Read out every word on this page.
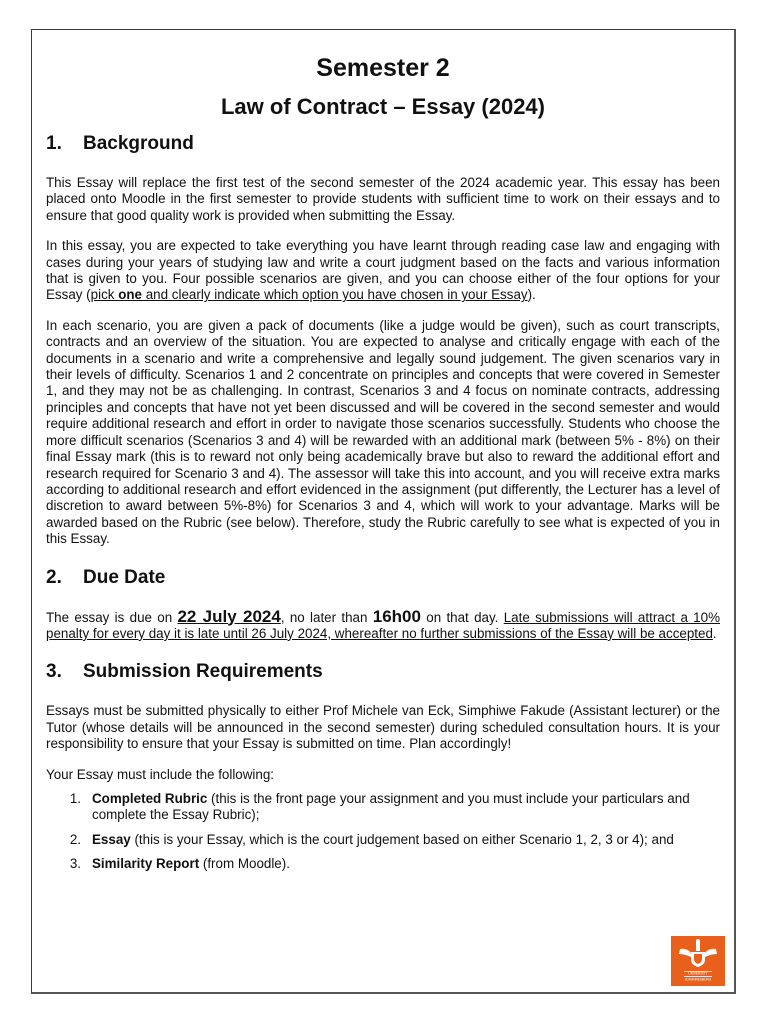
Semester 2
Law of Contract – Essay (2024)
1.	Background

This Essay will replace the first test of the second semester of the 2024 academic year. This essay has been placed onto Moodle in the first semester to provide students with sufficient time to work on their essays and to ensure that good quality work is provided when submitting the Essay.

In this essay, you are expected to take everything you have learnt through reading case law and engaging with cases during your years of studying law and write a court judgment based on the facts and various information that is given to you. Four possible scenarios are given, and you can choose either of the four options for your Essay (pick one and clearly indicate which option you have chosen in your Essay).

In each scenario, you are given a pack of documents (like a judge would be given), such as court transcripts, contracts and an overview of the situation. You are expected to analyse and critically engage with each of the documents in a scenario and write a comprehensive and legally sound judgement. The given scenarios vary in their levels of difficulty. Scenarios 1 and 2 concentrate on principles and concepts that were covered in Semester 1, and they may not be as challenging. In contrast, Scenarios 3 and 4 focus on nominate contracts, addressing principles and concepts that have not yet been discussed and will be covered in the second semester and would require additional research and effort in order to navigate those scenarios successfully. Students who choose the more difficult scenarios (Scenarios 3 and 4) will be rewarded with an additional mark (between 5% - 8%) on their final Essay mark (this is to reward not only being academically brave but also to reward the additional effort and research required for Scenario 3 and 4). The assessor will take this into account, and you will receive extra marks according to additional research and effort evidenced in the assignment (put differently, the Lecturer has a level of discretion to award between 5%-8%) for Scenarios 3 and 4, which will work to your advantage. Marks will be awarded based on the Rubric (see below). Therefore, study the Rubric carefully to see what is expected of you in this Essay.

2.	Due Date

The essay is due on 22 July 2024, no later than 16h00 on that day. Late submissions will attract a 10% penalty for every day it is late until 26 July 2024, whereafter no further submissions of the Essay will be accepted.

3.	Submission Requirements

Essays must be submitted physically to either Prof Michele van Eck, Simphiwe Fakude (Assistant lecturer) or the Tutor (whose details will be announced in the second semester) during scheduled consultation hours. It is your responsibility to ensure that your Essay is submitted on time. Plan accordingly!

Your Essay must include the following:

1. Completed Rubric (this is the front page your assignment and you must include your particulars and complete the Essay Rubric);
2. Essay (this is your Essay, which is the court judgement based on either Scenario 1, 2, 3 or 4); and
3. Similarity Report (from Moodle).
UNIVERSITY
JOHANNESBURG
